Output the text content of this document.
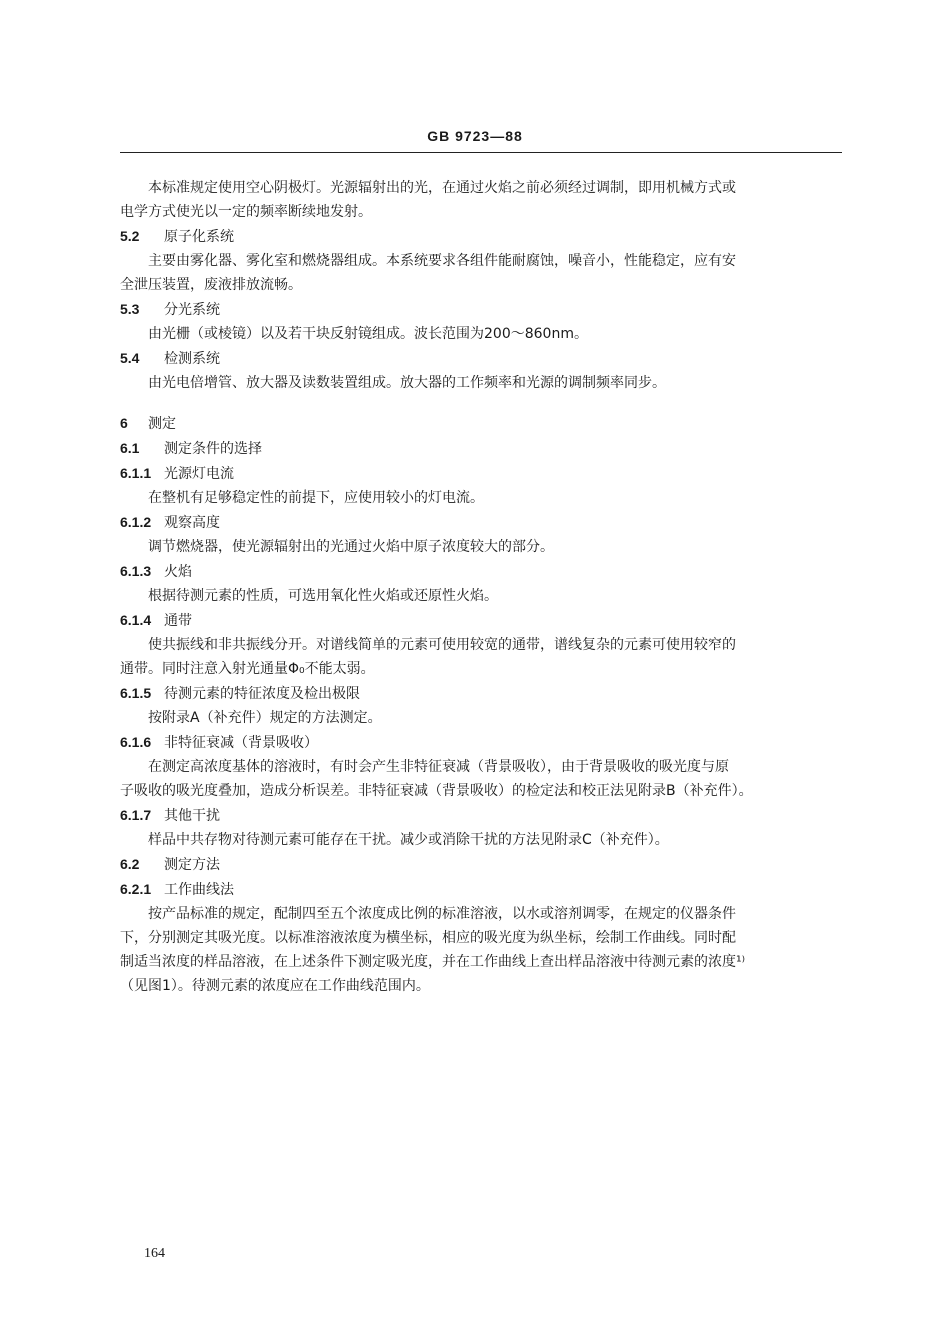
GB 9723—88

本标准规定使用空心阴极灯。光源辐射出的光，在通过火焰之前必须经过调制，即用机械方式或

电学方式使光以一定的频率断续地发射。

5.2 原子化系统

主要由雾化器、雾化室和燃烧器组成。本系统要求各组件能耐腐蚀，噪音小，性能稳定，应有安

全泄压装置，废液排放流畅。

5.3 分光系统

由光栅（或棱镜）以及若干块反射镜组成。波长范围为200～860nm。

5.4 检测系统

由光电倍增管、放大器及读数装置组成。放大器的工作频率和光源的调制频率同步。

6 测定

6.1 测定条件的选择

6.1.1 光源灯电流

在整机有足够稳定性的前提下，应使用较小的灯电流。

6.1.2 观察高度

调节燃烧器，使光源辐射出的光通过火焰中原子浓度较大的部分。

6.1.3 火焰

根据待测元素的性质，可选用氧化性火焰或还原性火焰。

6.1.4 通带

使共振线和非共振线分开。对谱线简单的元素可使用较宽的通带，谱线复杂的元素可使用较窄的

通带。同时注意入射光通量Φ₀不能太弱。

6.1.5 待测元素的特征浓度及检出极限

按附录A（补充件）规定的方法测定。

6.1.6 非特征衰减（背景吸收）

在测定高浓度基体的溶液时，有时会产生非特征衰减（背景吸收），由于背景吸收的吸光度与原

子吸收的吸光度叠加，造成分析误差。非特征衰减（背景吸收）的检定法和校正法见附录B（补充件）。

6.1.7 其他干扰

样品中共存物对待测元素可能存在干扰。减少或消除干扰的方法见附录C（补充件）。

6.2 测定方法

6.2.1 工作曲线法

按产品标准的规定，配制四至五个浓度成比例的标准溶液，以水或溶剂调零，在规定的仪器条件

下，分别测定其吸光度。以标准溶液浓度为横坐标，相应的吸光度为纵坐标，绘制工作曲线。同时配

制适当浓度的样品溶液，在上述条件下测定吸光度，并在工作曲线上查出样品溶液中待测元素的浓度¹⁾

（见图1）。待测元素的浓度应在工作曲线范围内。

164
